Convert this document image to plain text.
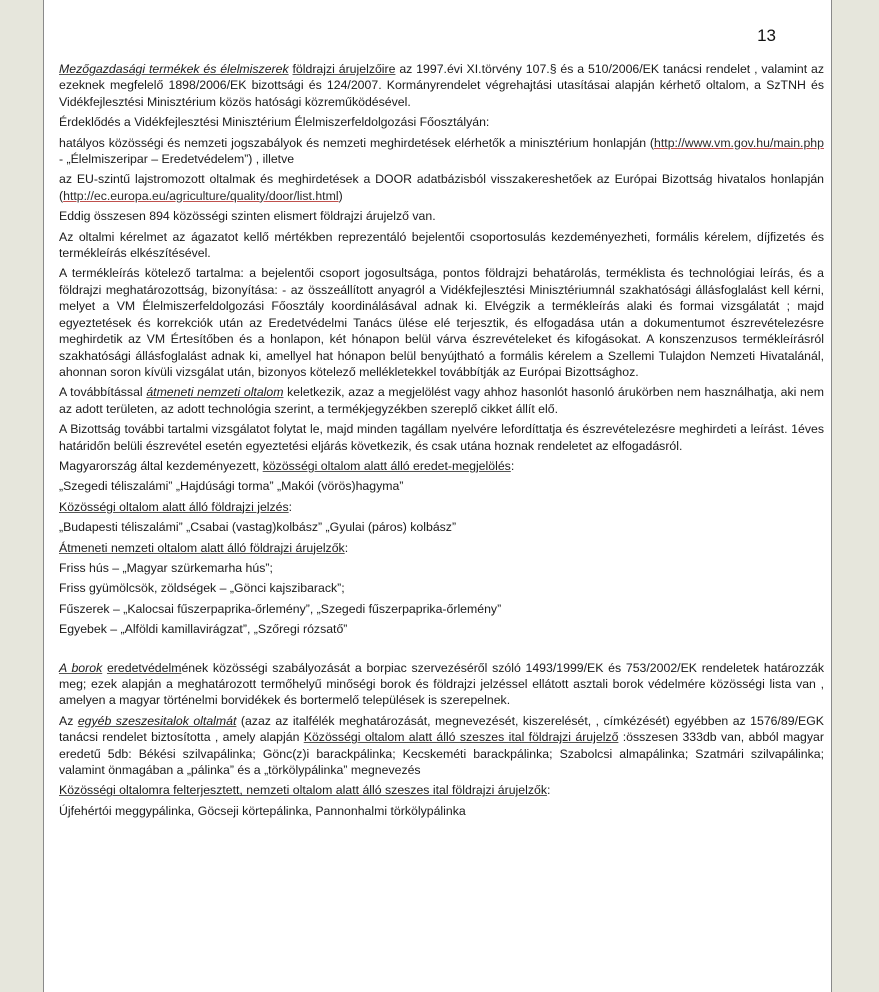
13

Mezőgazdasági termékek és élelmiszerek földrajzi árujelzőire az 1997.évi XI.törvény 107.§ és a 510/2006/EK tanácsi rendelet , valamint az ezeknek megfelelő 1898/2006/EK bizottsági és 124/2007. Kormányrendelet végrehajtási utasításai alapján kérhető oltalom, a SzTNH és Vidékfejlesztési Minisztérium közös hatósági közreműködésével.

Érdeklődés a Vidékfejlesztési Minisztérium Élelmiszerfeldolgozási Főosztályán:

hatályos közösségi és nemzeti jogszabályok és nemzeti meghirdetések elérhetők a minisztérium honlapján (http://www.vm.gov.hu/main.php - „Élelmiszeripar – Eredetvédelem”) , illetve

az EU-szintű lajstromozott oltalmak és meghirdetések a DOOR adatbázisból visszakereshetőek az Európai Bizottság hivatalos honlapján (http://ec.europa.eu/agriculture/quality/door/list.html)

Eddig összesen 894 közösségi szinten elismert földrajzi árujelző van.

Az oltalmi kérelmet az ágazatot kellő mértékben reprezentáló bejelentői csoportosulás kezdeményezheti, formális kérelem, díjfizetés és termékleírás elkészítésével.

A termékleírás kötelező tartalma: a bejelentői csoport jogosultsága, pontos földrajzi behatárolás, terméklista és technológiai leírás, és a földrajzi meghatározottság, bizonyítása: - az összeállított anyagról a Vidékfejlesztési Minisztériumnál szakhatósági állásfoglalást kell kérni, melyet a VM Élelmiszerfeldolgozási Főosztály koordinálásával adnak ki. Elvégzik a termékleírás alaki és formai vizsgálatát ; majd egyeztetések és korrekciók után az Eredetvédelmi Tanács ülése elé terjesztik, és elfogadása után a dokumentumot észrevételezésre meghirdetik az VM Értesítőben és a honlapon, két hónapon belül várva észrevételeket és kifogásokat. A konszenzusos termékleírásról szakhatósági állásfoglalást adnak ki, amellyel hat hónapon belül benyújtható a formális kérelem a Szellemi Tulajdon Nemzeti Hivatalánál, ahonnan soron kívüli vizsgálat után, bizonyos kötelező mellékletekkel továbbítják az Európai Bizottsághoz.

A továbbítással átmeneti nemzeti oltalom keletkezik, azaz a megjelölést vagy ahhoz hasonlót hasonló árukörben nem használhatja, aki nem az adott területen, az adott technológia szerint, a termékjegyzékben szereplő cikket állít elő.

A Bizottság további tartalmi vizsgálatot folytat le, majd minden tagállam nyelvére lefordíttatja és észrevételezésre meghirdeti a leírást. 1éves határidőn belüli észrevétel esetén egyeztetési eljárás következik, és csak utána hoznak rendeletet az elfogadásról.

Magyarország által kezdeményezett, közösségi oltalom alatt álló eredet-megjelölés:

„Szegedi téliszalámi” „Hajdúsági torma” „Makói (vörös)hagyma”

Közösségi oltalom alatt álló földrajzi jelzés:

„Budapesti téliszalámi” „Csabai (vastag)kolbász” „Gyulai (páros) kolbász”

Átmeneti nemzeti oltalom alatt álló földrajzi árujelzők:

Friss hús – „Magyar szürkemarha hús”;

Friss gyümölcsök, zöldségek – „Gönci kajszibarack”;

Fűszerek – „Kalocsai fűszerpaprika-őrlemény”, „Szegedi fűszerpaprika-őrlemény”

Egyebek – „Alföldi kamillavirágzat”, „Szőregi rózsatő”

A borok eredetvédelmének közösségi szabályozását a borpiac szervezéséről szóló 1493/1999/EK és 753/2002/EK rendeletek határozzák meg; ezek alapján a meghatározott termőhelyű minőségi borok és földrajzi jelzéssel ellátott asztali borok védelmére közösségi lista van , amelyen a magyar történelmi borvidékek és bortermelő települések is szerepelnek.

Az egyéb szeszesitalok oltalmát (azaz az italfélék meghatározását, megnevezését, kiszerelését, , címkézését) egyébben az 1576/89/EGK tanácsi rendelet biztosította , amely alapján Közösségi oltalom alatt álló szeszes ital földrajzi árujelző :összesen 333db van, abból magyar eredetű 5db: Békési szilvapálinka; Gönc(z)i barackpálinka; Kecskeméti barackpálinka; Szabolcsi almapálinka; Szatmári szilvapálinka; valamint önmagában a „pálinka” és a „törkölypálinka” megnevezés

Közösségi oltalomra felterjesztett, nemzeti oltalom alatt álló szeszes ital földrajzi árujelzők:

Újfehértói meggypálinka, Göcseji körtepálinka, Pannonhalmi törkölypálinka
